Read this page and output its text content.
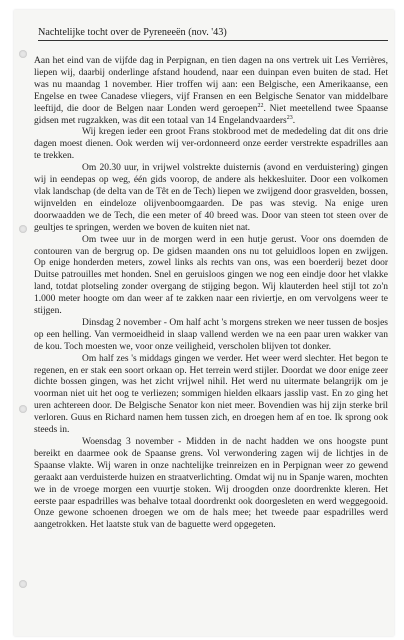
Nachtelijke tocht over de Pyreneeën (nov. '43)

Aan het eind van de vijfde dag in Perpignan, en tien dagen na ons vertrek uit Les Verrières, liepen wij, daarbij onderlinge afstand houdend, naar een duinpan even buiten de stad. Het was nu maandag 1 november. Hier troffen wij aan: een Belgische, een Amerikaanse, een Engelse en twee Canadese vliegers, vijf Fransen en een Belgische Senator van middelbare leeftijd, die door de Belgen naar Londen werd geroepen$^{22}$. Niet meetellend twee Spaanse gidsen met rugzakken, was dit een totaal van 14 Engelandvaarders$^{23}$.

Wij kregen ieder een groot Frans stokbrood met de mededeling dat dit ons drie dagen moest dienen. Ook werden wij ver-ordonneerd onze eerder verstrekte espadrilles aan te trekken.

Om 20.30 uur, in vrijwel volstrekte duisternis (avond en verduistering) gingen wij in eendepas op weg, één gids voorop, de andere als hekkesluiter. Door een volkomen vlak landschap (de delta van de Têt en de Tech) liepen we zwijgend door grasvelden, bossen, wijnvelden en eindeloze olijvenboomgaarden. De pas was stevig. Na enige uren doorwaadden we de Tech, die een meter of 40 breed was. Door van steen tot steen over de geultjes te springen, werden we boven de kuiten niet nat.

Om twee uur in de morgen werd in een hutje gerust. Voor ons doemden de contouren van de bergrug op. De gidsen maanden ons nu tot geluidloos lopen en zwijgen. Op enige honderden meters, zowel links als rechts van ons, was een boerderij bezet door Duitse patrouilles met honden. Snel en geruisloos gingen we nog een eindje door het vlakke land, totdat plotseling zonder overgang de stijging begon. Wij klauterden heel stijl tot zo'n 1.000 meter hoogte om dan weer af te zakken naar een riviertje, en om vervolgens weer te stijgen.

Dinsdag 2 november - Om half acht 's morgens streken we neer tussen de bosjes op een helling. Van vermoeidheid in slaap vallend werden we na een paar uren wakker van de kou. Toch moesten we, voor onze veiligheid, verscholen blijven tot donker.

Om half zes 's middags gingen we verder. Het weer werd slechter. Het begon te regenen, en er stak een soort orkaan op. Het terrein werd stijler. Doordat we door enige zeer dichte bossen gingen, was het zicht vrijwel nihil. Het werd nu uitermate belangrijk om je voorman niet uit het oog te verliezen; sommigen hielden elkaars jasslip vast. En zo ging het uren achtereen door. De Belgische Senator kon niet meer. Bovendien was hij zijn sterke bril verloren. Guus en Richard namen hem tussen zich, en droegen hem af en toe. Ik sprong ook steeds in.

Woensdag 3 november - Midden in de nacht hadden we ons hoogste punt bereikt en daarmee ook de Spaanse grens. Vol verwondering zagen wij de lichtjes in de Spaanse vlakte. Wij waren in onze nachtelijke treinreizen en in Perpignan weer zo gewend geraakt aan verduisterde huizen en straatverlichting. Omdat wij nu in Spanje waren, mochten we in de vroege morgen een vuurtje stoken. Wij droogden onze doordrenkte kleren. Het eerste paar espadrilles was behalve totaal doordrenkt ook doorgesleten en werd weggegooid. Onze gewone schoenen droegen we om de hals mee; het tweede paar espadrilles werd aangetrokken. Het laatste stuk van de baguette werd opgegeten.
